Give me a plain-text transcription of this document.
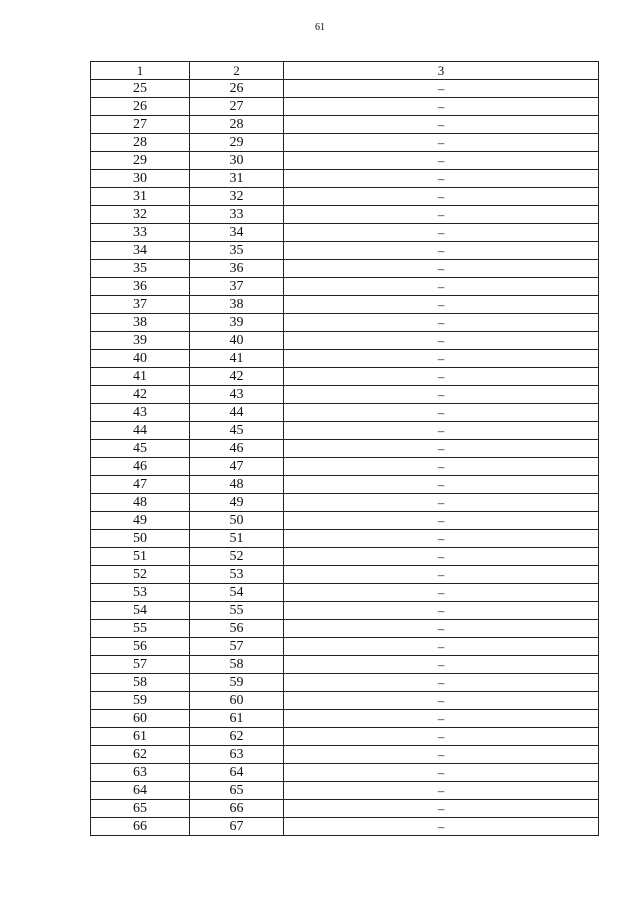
61
1	2	3
25	26	–
26	27	–
27	28	–
28	29	–
29	30	–
30	31	–
31	32	–
32	33	–
33	34	–
34	35	–
35	36	–
36	37	–
37	38	–
38	39	–
39	40	–
40	41	–
41	42	–
42	43	–
43	44	–
44	45	–
45	46	–
46	47	–
47	48	–
48	49	–
49	50	–
50	51	–
51	52	–
52	53	–
53	54	–
54	55	–
55	56	–
56	57	–
57	58	–
58	59	–
59	60	–
60	61	–
61	62	–
62	63	–
63	64	–
64	65	–
65	66	–
66	67	–
